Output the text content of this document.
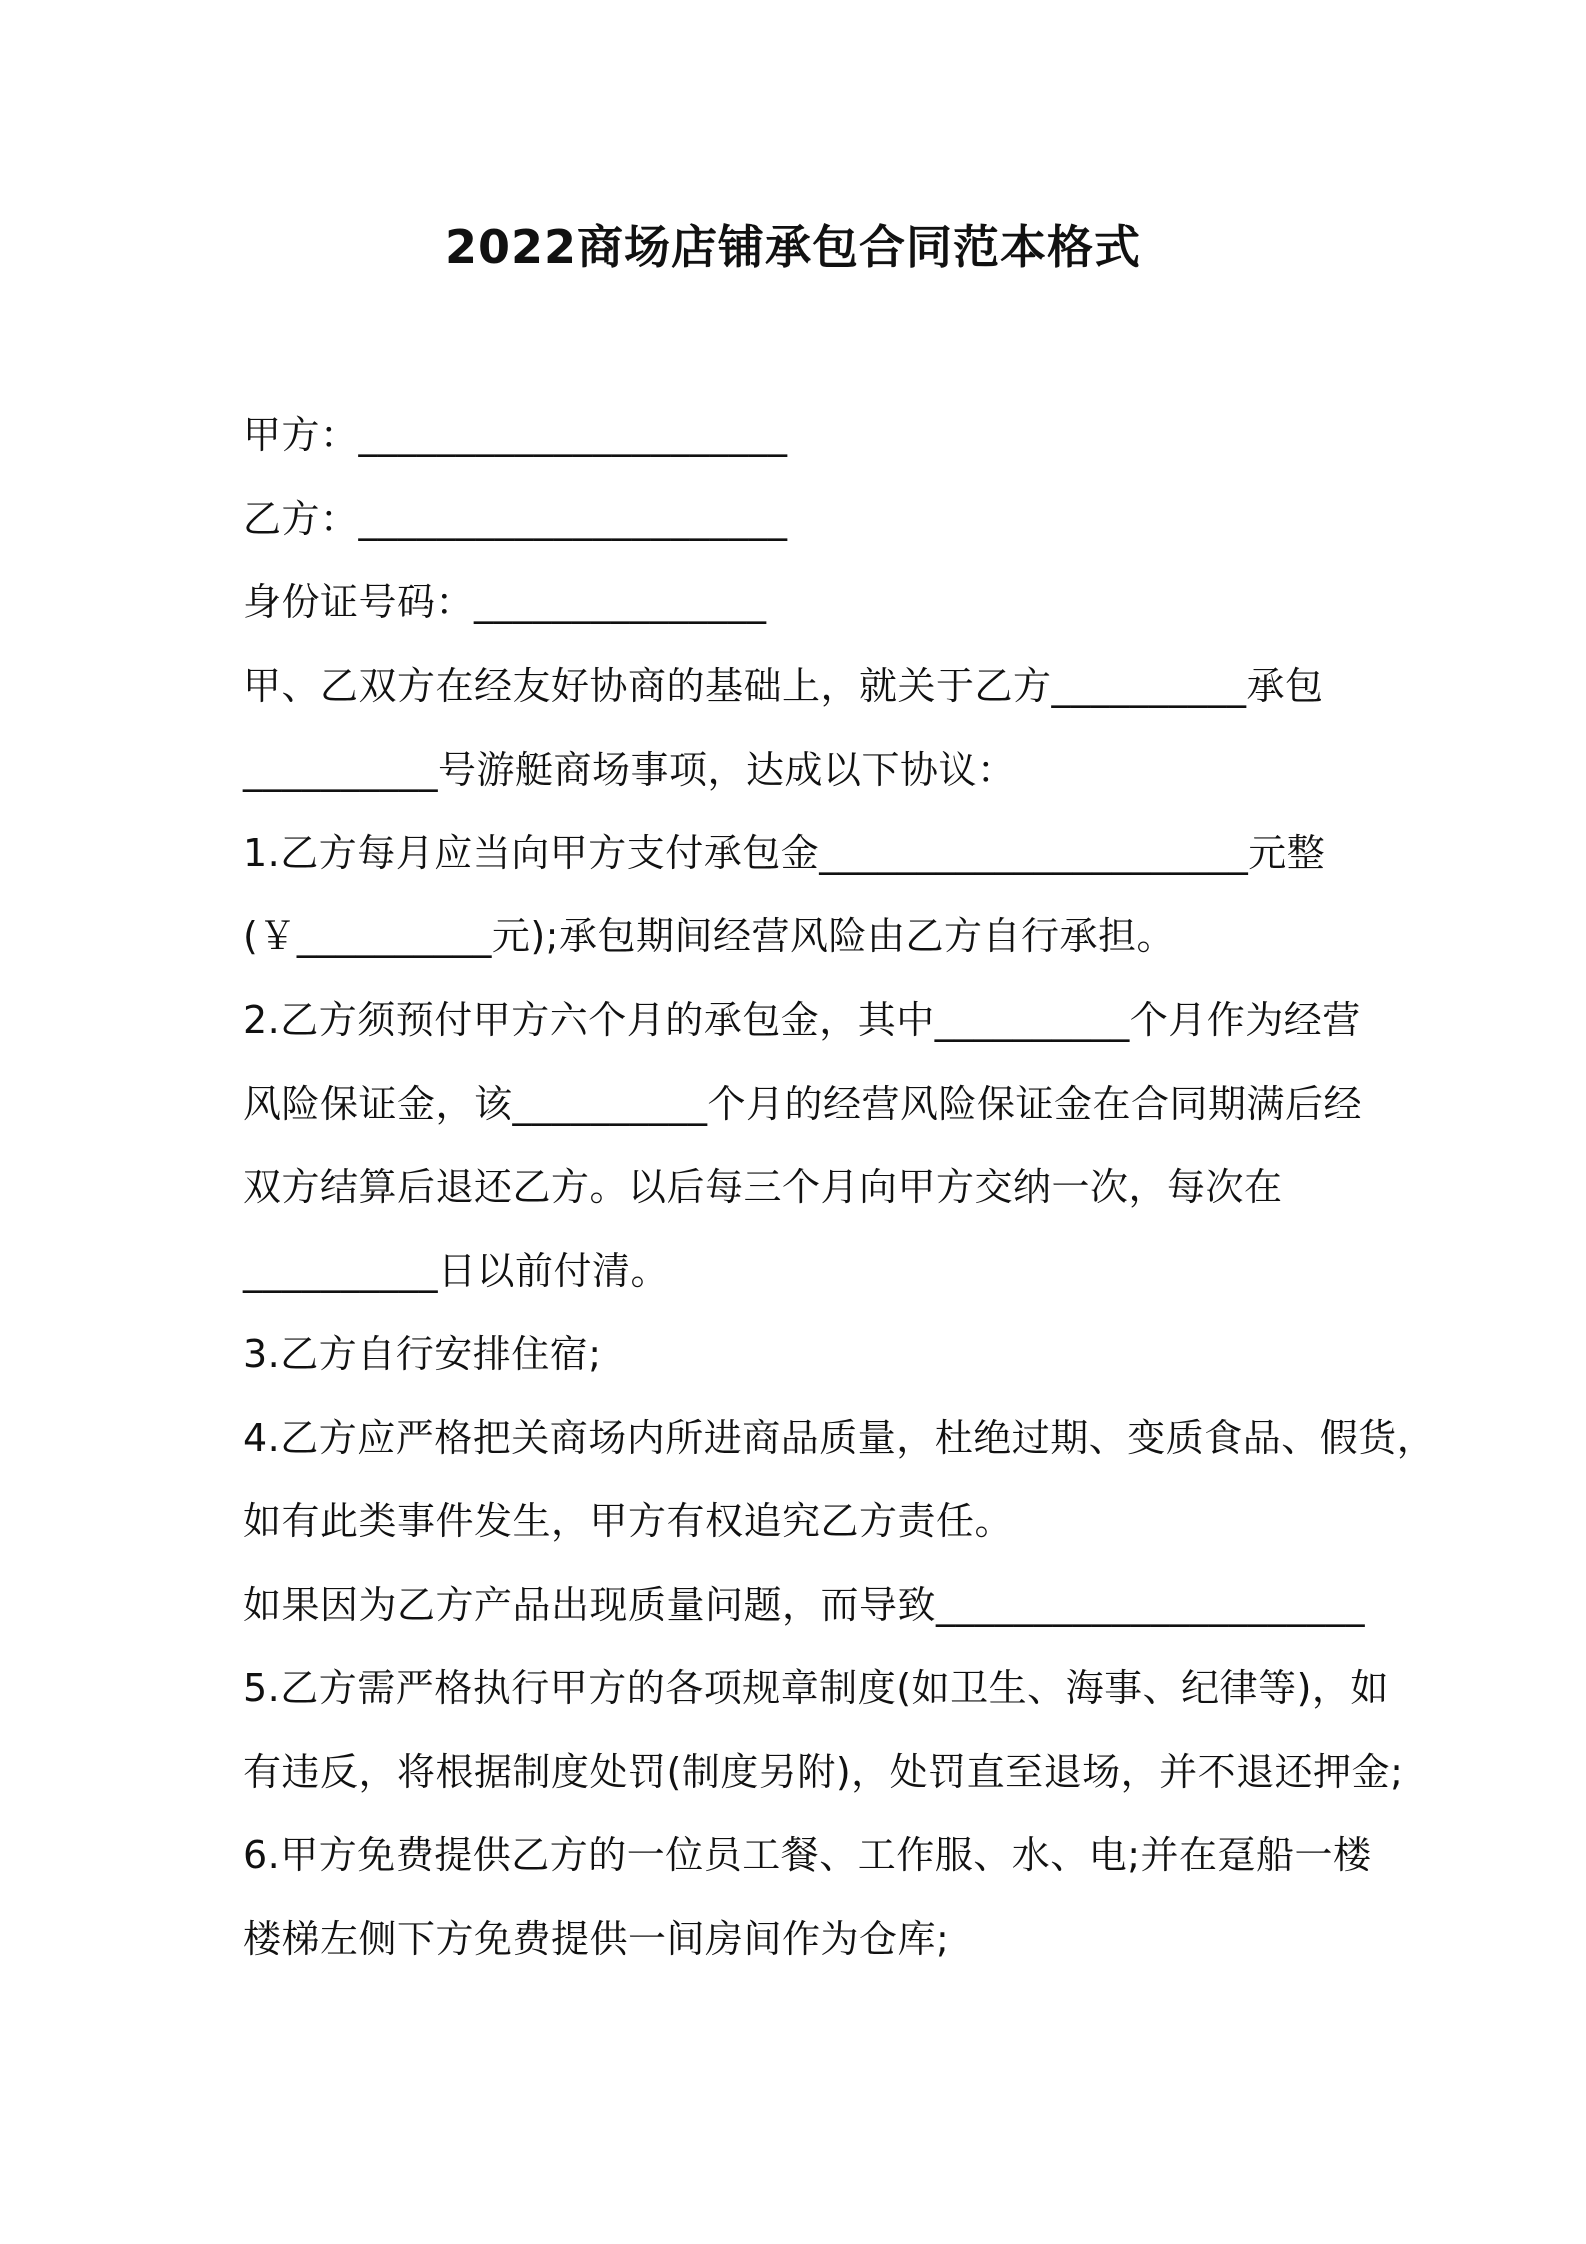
2022商场店铺承包合同范本格式
甲方：______________________
乙方：______________________
身份证号码：_______________
甲、乙双方在经友好协商的基础上，就关于乙方__________承包
__________号游艇商场事项，达成以下协议：
1.乙方每月应当向甲方支付承包金______________________元整
(￥__________元);承包期间经营风险由乙方自行承担。
2.乙方须预付甲方六个月的承包金，其中__________个月作为经营
风险保证金，该__________个月的经营风险保证金在合同期满后经
双方结算后退还乙方。以后每三个月向甲方交纳一次，每次在
__________日以前付清。
3.乙方自行安排住宿;
4.乙方应严格把关商场内所进商品质量，杜绝过期、变质食品、假货，
如有此类事件发生，甲方有权追究乙方责任。
如果因为乙方产品出现质量问题，而导致______________________
5.乙方需严格执行甲方的各项规章制度(如卫生、海事、纪律等)，如
有违反，将根据制度处罚(制度另附)，处罚直至退场，并不退还押金;
6.甲方免费提供乙方的一位员工餐、工作服、水、电;并在趸船一楼
楼梯左侧下方免费提供一间房间作为仓库;
